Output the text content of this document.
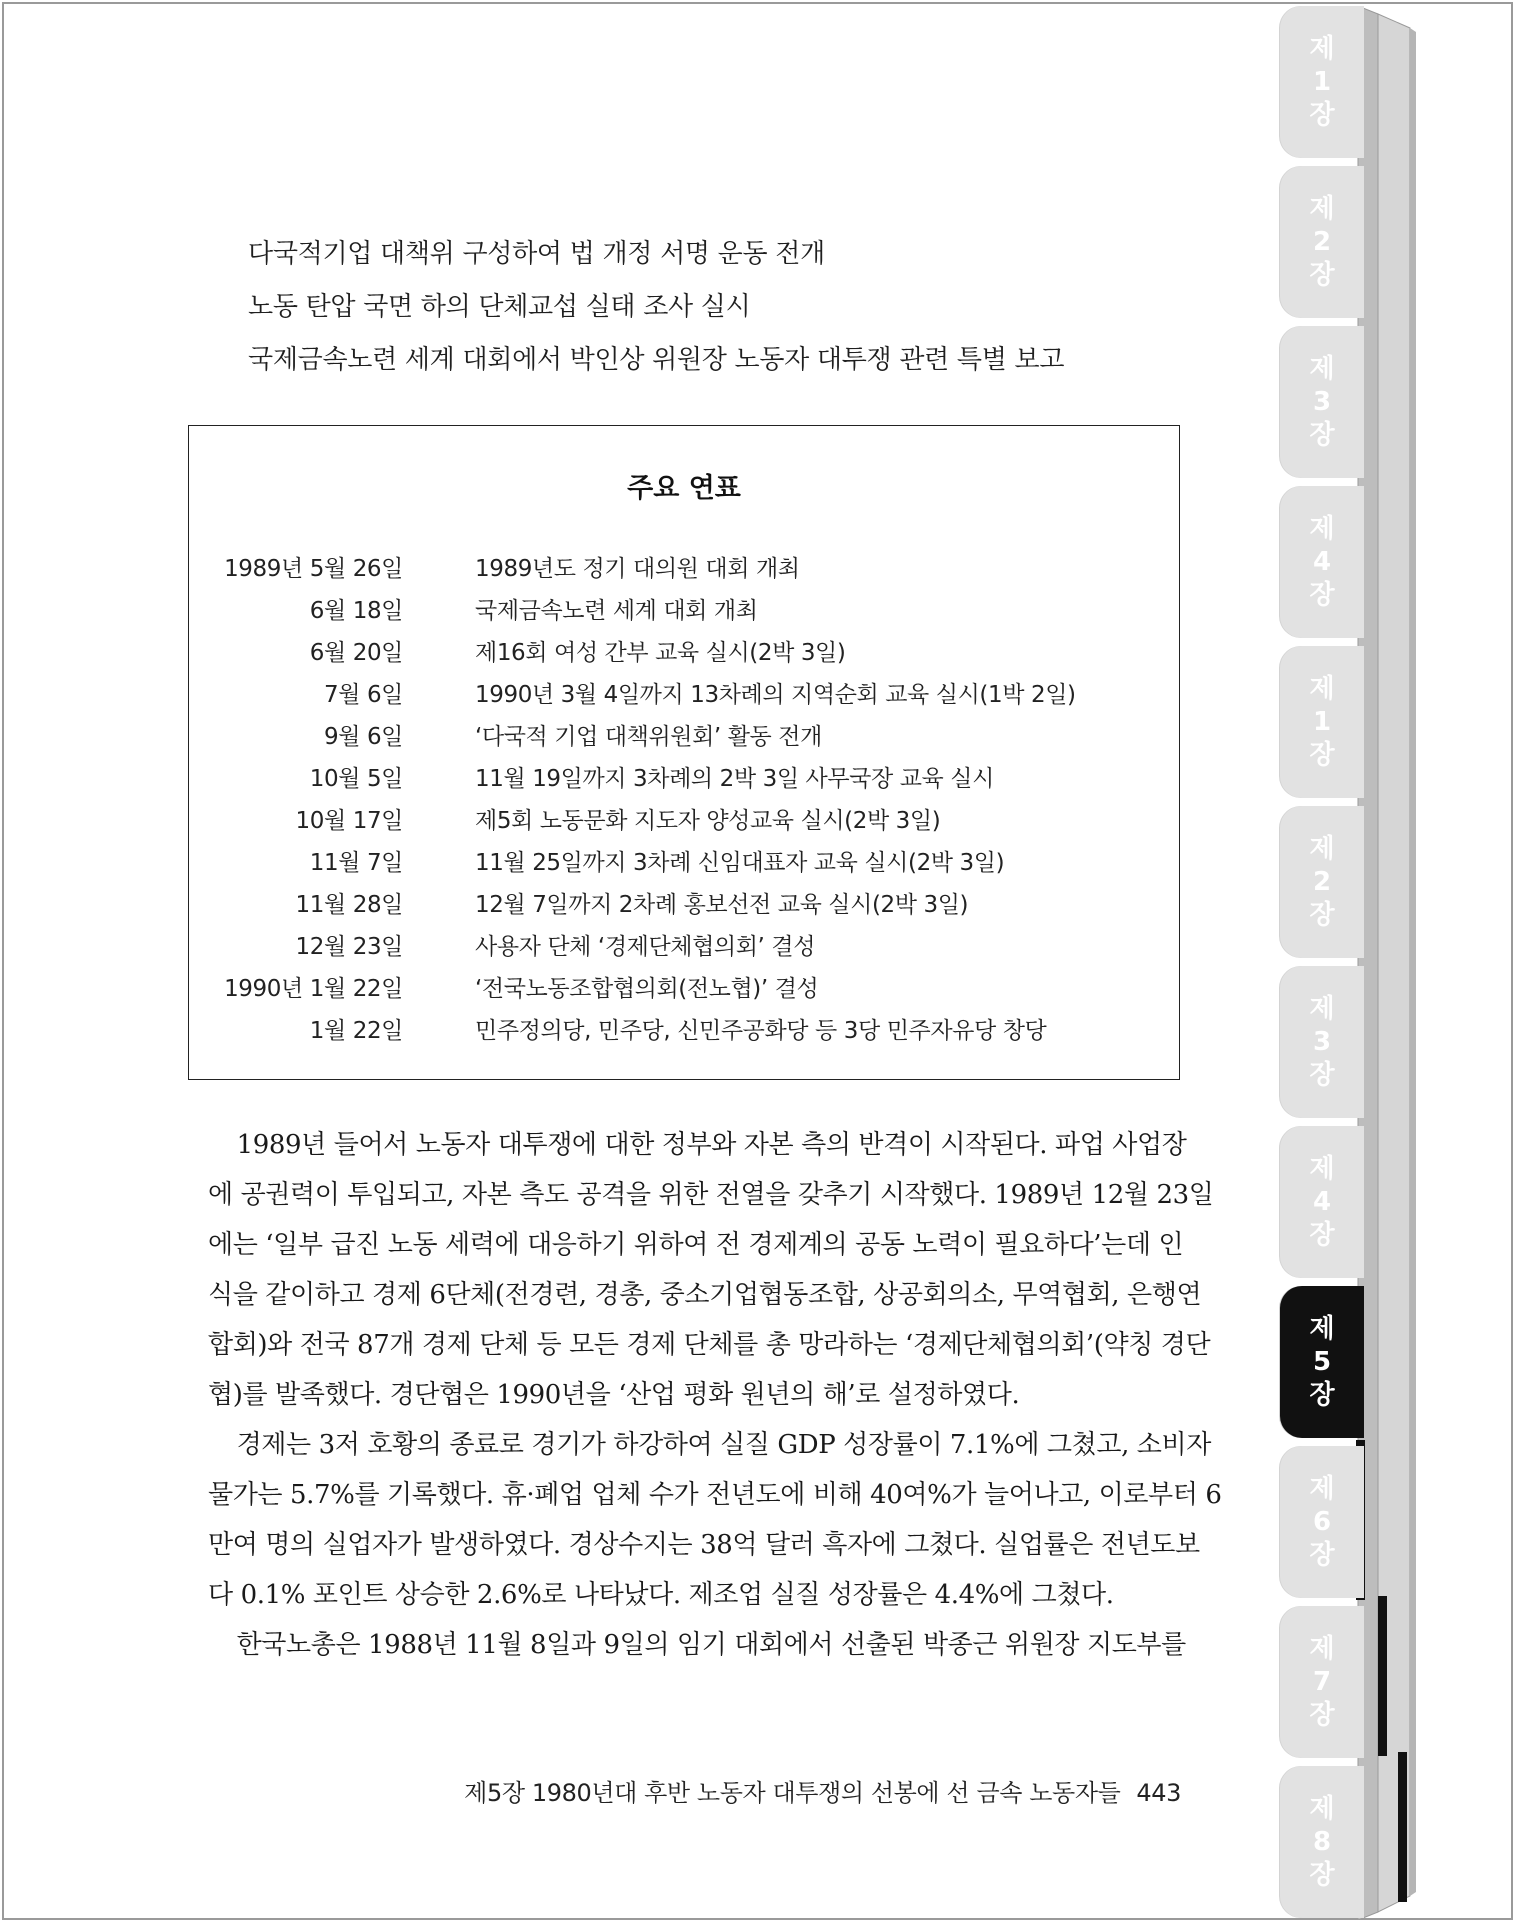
제
1
장
제
2
장
제
3
장
제
4
장
제
1
장
제
2
장
제
3
장
제
4
장
제
5
장
제
6
장
제
7
장
제
8
장
다국적기업 대책위 구성하여 법 개정 서명 운동 전개
노동 탄압 국면 하의 단체교섭 실태 조사 실시
국제금속노련 세계 대회에서 박인상 위원장 노동자 대투쟁 관련 특별 보고
주요 연표
1989년 5월 26일	1989년도 정기 대의원 대회 개최
6월 18일	국제금속노련 세계 대회 개최
6월 20일	제16회 여성 간부 교육 실시(2박 3일)
7월 6일	1990년 3월 4일까지 13차례의 지역순회 교육 실시(1박 2일)
9월 6일	‘다국적 기업 대책위원회’ 활동 전개
10월 5일	11월 19일까지 3차례의 2박 3일 사무국장 교육 실시
10월 17일	제5회 노동문화 지도자 양성교육 실시(2박 3일)
11월 7일	11월 25일까지 3차례 신임대표자 교육 실시(2박 3일)
11월 28일	12월 7일까지 2차례 홍보선전 교육 실시(2박 3일)
12월 23일	사용자 단체 ‘경제단체협의회’ 결성
1990년 1월 22일	‘전국노동조합협의회(전노협)’ 결성
1월 22일	민주정의당, 민주당, 신민주공화당 등 3당 민주자유당 창당

1989년 들어서 노동자 대투쟁에 대한 정부와 자본 측의 반격이 시작된다. 파업 사업장

에 공권력이 투입되고, 자본 측도 공격을 위한 전열을 갖추기 시작했다. 1989년 12월 23일
에는 ‘일부 급진 노동 세력에 대응하기 위하여 전 경제계의 공동 노력이 필요하다’는데 인
식을 같이하고 경제 6단체(전경련, 경총, 중소기업협동조합, 상공회의소, 무역협회, 은행연
합회)와 전국 87개 경제 단체 등 모든 경제 단체를 총 망라하는 ‘경제단체협의회’(약칭 경단
협)를 발족했다. 경단협은 1990년을 ‘산업 평화 원년의 해’로 설정하였다.

경제는 3저 호황의 종료로 경기가 하강하여 실질 GDP 성장률이 7.1%에 그쳤고, 소비자

물가는 5.7%를 기록했다. 휴·폐업 업체 수가 전년도에 비해 40여%가 늘어나고, 이로부터 6
만여 명의 실업자가 발생하였다. 경상수지는 38억 달러 흑자에 그쳤다. 실업률은 전년도보
다 0.1% 포인트 상승한 2.6%로 나타났다. 제조업 실질 성장률은 4.4%에 그쳤다.

한국노총은 1988년 11월 8일과 9일의 임기 대회에서 선출된 박종근 위원장 지도부를

제5장 1980년대 후반 노동자 대투쟁의 선봉에 선 금속 노동자들 443
